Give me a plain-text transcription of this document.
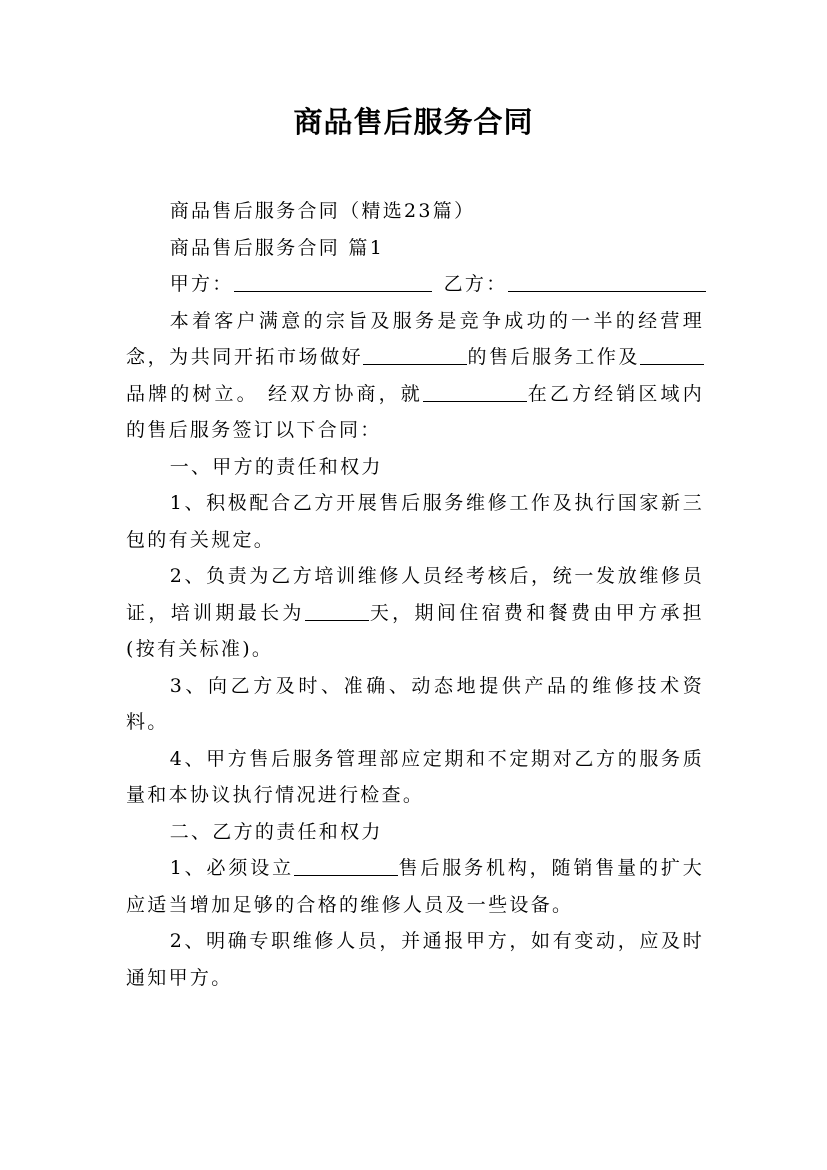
商品售后服务合同

商品售后服务合同（精选23篇）

商品售后服务合同 篇1

甲方：	乙方：

本着客户满意的宗旨及服务是竞争成功的一半的经营理念，为共同开拓市场做好	的售后服务工作及品牌的树立。 经双方协商，就	在乙方经销区域内的售后服务签订以下合同：

一、甲方的责任和权力

1、积极配合乙方开展售后服务维修工作及执行国家新三包的有关规定。

2、负责为乙方培训维修人员经考核后，统一发放维修员证，培训期最长为	天，期间住宿费和餐费由甲方承担(按有关标准)。

3、向乙方及时、准确、动态地提供产品的维修技术资料。

4、甲方售后服务管理部应定期和不定期对乙方的服务质量和本协议执行情况进行检查。

二、乙方的责任和权力

1、必须设立	售后服务机构，随销售量的扩大应适当增加足够的合格的维修人员及一些设备。

2、明确专职维修人员，并通报甲方，如有变动，应及时通知甲方。
